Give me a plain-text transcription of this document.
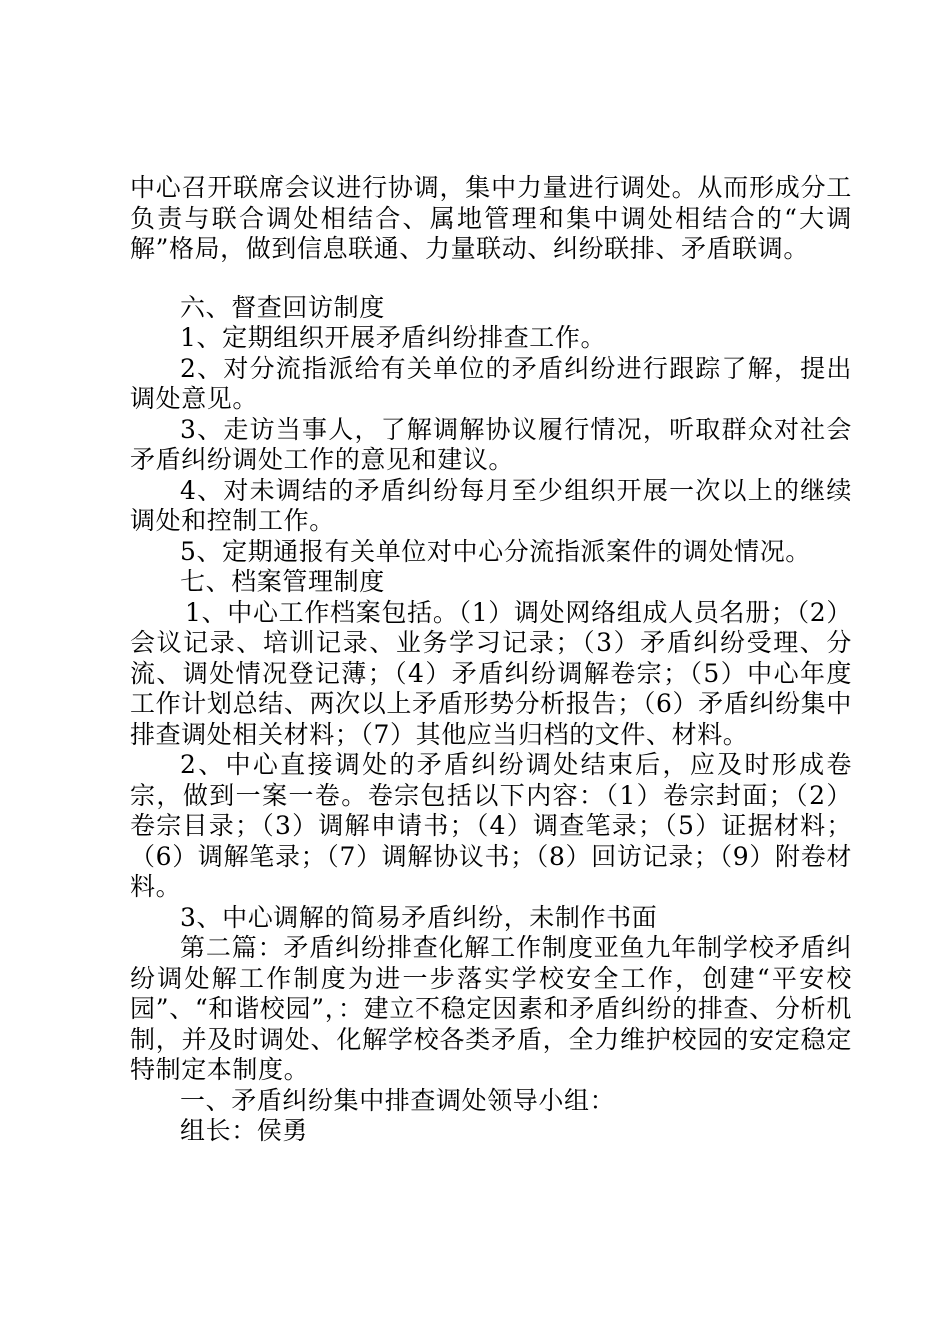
中心召开联席会议进行协调，集中力量进行调处。从而形成分工负责与联合调处相结合、属地管理和集中调处相结合的“大调解”格局，做到信息联通、力量联动、纠纷联排、矛盾联调。

六、督查回访制度

1、定期组织开展矛盾纠纷排查工作。

2、对分流指派给有关单位的矛盾纠纷进行跟踪了解，提出调处意见。

3、走访当事人，了解调解协议履行情况，听取群众对社会矛盾纠纷调处工作的意见和建议。

4、对未调结的矛盾纠纷每月至少组织开展一次以上的继续调处和控制工作。

5、定期通报有关单位对中心分流指派案件的调处情况。

七、档案管理制度

1、中心工作档案包括。（1）调处网络组成人员名册；（2）会议记录、培训记录、业务学习记录；（3）矛盾纠纷受理、分流、调处情况登记薄；（4）矛盾纠纷调解卷宗；（5）中心年度工作计划总结、两次以上矛盾形势分析报告；（6）矛盾纠纷集中排查调处相关材料；（7）其他应当归档的文件、材料。

2、中心直接调处的矛盾纠纷调处结束后，应及时形成卷宗，做到一案一卷。卷宗包括以下内容：（1）卷宗封面；（2）卷宗目录；（3）调解申请书；（4）调查笔录；（5）证据材料；（6）调解笔录；（7）调解协议书；（8）回访记录；（9）附卷材料。

3、中心调解的简易矛盾纠纷，未制作书面

第二篇：矛盾纠纷排查化解工作制度亚鱼九年制学校矛盾纠纷调处解工作制度为进一步落实学校安全工作，创建“平安校园”、“和谐校园”，：建立不稳定因素和矛盾纠纷的排查、分析机制，并及时调处、化解学校各类矛盾，全力维护校园的安定稳定特制定本制度。

一、矛盾纠纷集中排查调处领导小组：

组长：侯勇
